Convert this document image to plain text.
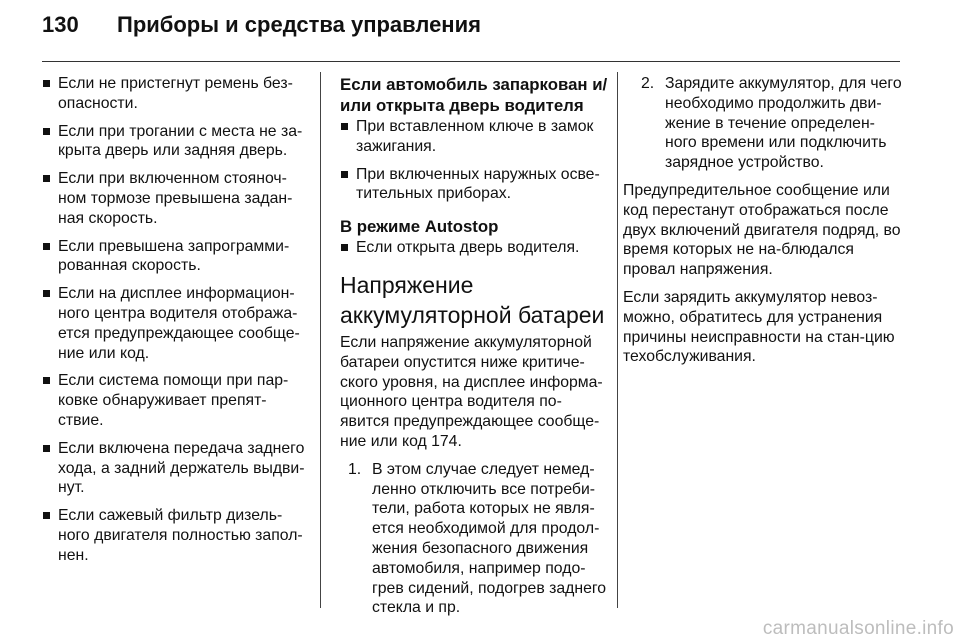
130 Приборы и средства управления
Если не пристегнут ремень без-опасности.
Если при трогании с места не за-крыта дверь или задняя дверь.
Если при включенном стояноч-ном тормозе превышена задан-ная скорость.
Если превышена запрограмми-рованная скорость.
Если на дисплее информацион-ного центра водителя отобража-ется предупреждающее сообще-ние или код.
Если система помощи при пар-ковке обнаруживает препят-ствие.
Если включена передача заднего хода, а задний держатель выдви-нут.
Если сажевый фильтр дизель-ного двигателя полностью запол-нен.
Если автомобиль запаркован и/или открыта дверь водителя
При вставленном ключе в замок зажигания.
При включенных наружных осве-тительных приборах.
В режиме Autostop
Если открыта дверь водителя.
Напряжение аккумуляторной батареи
Если напряжение аккумуляторной батареи опустится ниже критиче-ского уровня, на дисплее информа-ционного центра водителя по-явится предупреждающее сообще-ние или код 174.
1. В этом случае следует немед-ленно отключить все потреби-тели, работа которых не явля-ется необходимой для продол-жения безопасного движения автомобиля, например подо-грев сидений, подогрев заднего стекла и пр.
2. Зарядите аккумулятор, для чего необходимо продолжить дви-жение в течение определен-ного времени или подключить зарядное устройство.
Предупредительное сообщение или код перестанут отображаться после двух включений двигателя подряд, во время которых не на-блюдался провал напряжения.
Если зарядить аккумулятор невоз-можно, обратитесь для устранения причины неисправности на стан-цию техобслуживания.
carmanualsonline.info
